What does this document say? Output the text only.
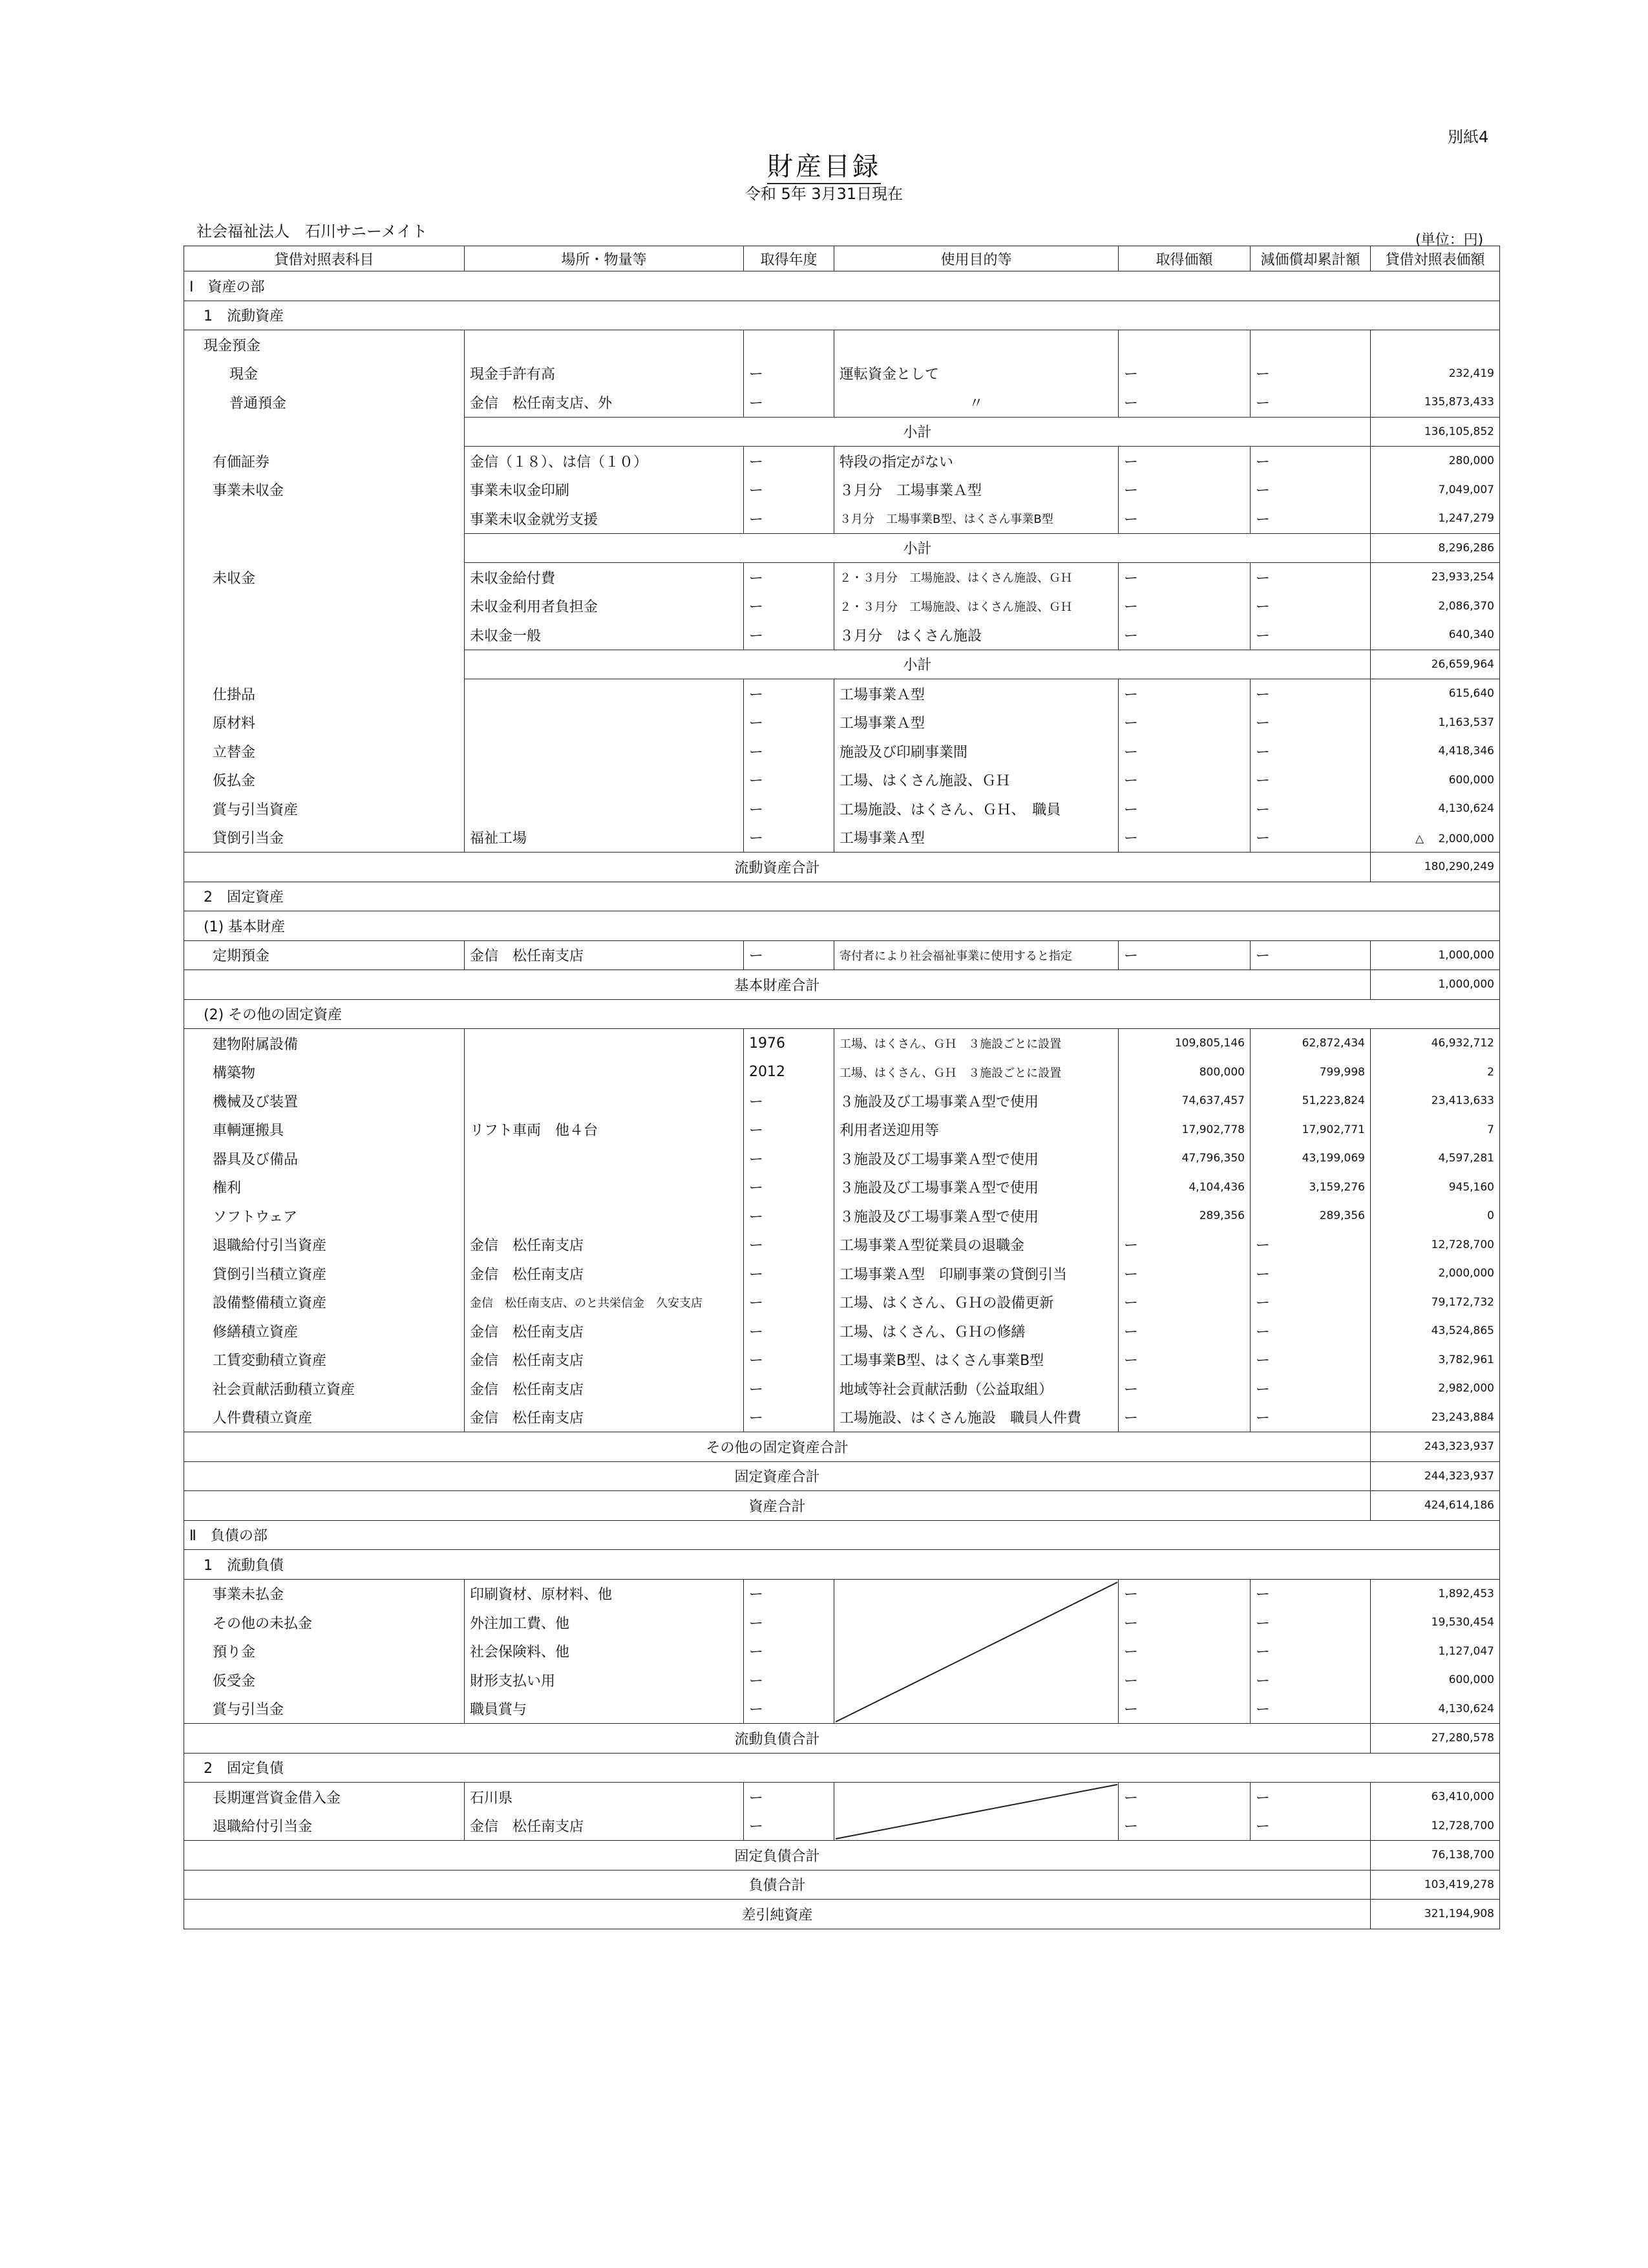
別紙4
財産目録
令和 5年 3月31日現在
社会福祉法人　石川サニーメイト	(単位：円)
貸借対照表科目	場所・物量等	取得年度	使用目的等	取得価額	減価償却累計額	貸借対照表価額
Ⅰ　資産の部						
1　流動資産						
現金預金						
現金	現金手許有高	ー	運転資金として	ー	ー	232,419
普通預金	金信　松任南支店、外	ー	〃	ー	ー	135,873,433
	小計					136,105,852
有価証券	金信（１８）、は信（１０）	ー	特段の指定がない	ー	ー	280,000
事業未収金	事業未収金印刷	ー	３月分　工場事業Ａ型	ー	ー	7,049,007
	事業未収金就労支援	ー	３月分　工場事業B型、はくさん事業B型	ー	ー	1,247,279
	小計					8,296,286
未収金	未収金給付費	ー	２・３月分　工場施設、はくさん施設、ＧＨ	ー	ー	23,933,254
	未収金利用者負担金	ー	２・３月分　工場施設、はくさん施設、ＧＨ	ー	ー	2,086,370
	未収金一般	ー	３月分　はくさん施設	ー	ー	640,340
	小計					26,659,964
仕掛品		ー	工場事業Ａ型	ー	ー	615,640
原材料		ー	工場事業Ａ型	ー	ー	1,163,537
立替金		ー	施設及び印刷事業間	ー	ー	4,418,346
仮払金		ー	工場、はくさん施設、ＧＨ	ー	ー	600,000
賞与引当資産		ー	工場施設、はくさん、ＧＨ、　職員	ー	ー	4,130,624
貸倒引当金	福祉工場	ー	工場事業Ａ型	ー	ー	△　 2,000,000
流動資産合計						180,290,249
2　固定資産						
(1) 基本財産						
定期預金	金信　松任南支店	ー	寄付者により社会福祉事業に使用すると指定	ー	ー	1,000,000
基本財産合計						1,000,000
(2) その他の固定資産						
建物附属設備		1976	工場、はくさん、ＧＨ　３施設ごとに設置	109,805,146	62,872,434	46,932,712
構築物		2012	工場、はくさん、ＧＨ　３施設ごとに設置	800,000	799,998	2
機械及び装置		ー	３施設及び工場事業Ａ型で使用	74,637,457	51,223,824	23,413,633
車輌運搬具	リフト車両　他４台	ー	利用者送迎用等	17,902,778	17,902,771	7
器具及び備品		ー	３施設及び工場事業Ａ型で使用	47,796,350	43,199,069	4,597,281
権利		ー	３施設及び工場事業Ａ型で使用	4,104,436	3,159,276	945,160
ソフトウェア		ー	３施設及び工場事業Ａ型で使用	289,356	289,356	0
退職給付引当資産	金信　松任南支店	ー	工場事業Ａ型従業員の退職金	ー	ー	12,728,700
貸倒引当積立資産	金信　松任南支店	ー	工場事業Ａ型　印刷事業の貸倒引当	ー	ー	2,000,000
設備整備積立資産	金信　松任南支店、のと共栄信金　久安支店	ー	工場、はくさん、ＧＨの設備更新	ー	ー	79,172,732
修繕積立資産	金信　松任南支店	ー	工場、はくさん、ＧＨの修繕	ー	ー	43,524,865
工賃変動積立資産	金信　松任南支店	ー	工場事業B型、はくさん事業B型	ー	ー	3,782,961
社会貢献活動積立資産	金信　松任南支店	ー	地域等社会貢献活動（公益取組）	ー	ー	2,982,000
人件費積立資産	金信　松任南支店	ー	工場施設、はくさん施設　職員人件費	ー	ー	23,243,884
その他の固定資産合計						243,323,937
固定資産合計						244,323,937
資産合計						424,614,186
Ⅱ　負債の部						
1　流動負債						
事業未払金	印刷資材、原材料、他	ー		ー	ー	1,892,453
その他の未払金	外注加工費、他	ー		ー	ー	19,530,454
預り金	社会保険料、他	ー		ー	ー	1,127,047
仮受金	財形支払い用	ー		ー	ー	600,000
賞与引当金	職員賞与	ー		ー	ー	4,130,624
流動負債合計						27,280,578
2　固定負債						
長期運営資金借入金	石川県	ー		ー	ー	63,410,000
退職給付引当金	金信　松任南支店	ー		ー	ー	12,728,700
固定負債合計						76,138,700
負債合計						103,419,278
差引純資産						321,194,908
